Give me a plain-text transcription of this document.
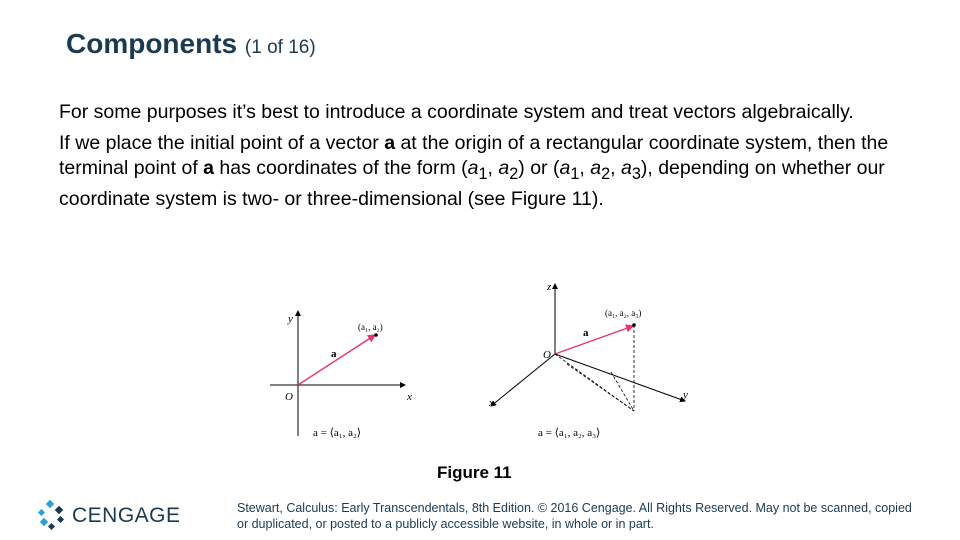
Components (1 of 16)

For some purposes it’s best to introduce a coordinate system and treat vectors algebraically.

If we place the initial point of a vector a at the origin of a rectangular coordinate system, then the terminal point of a has coordinates of the form ($a_1$, $a_2$) or ($a_1$, $a_2$, $a_3$), depending on whether our coordinate system is two- or three-dimensional (see Figure 11).

y
x
O
a
(a₁, a₂)
a = ⟨a₁, a₂⟩
z
x
y
O
a
(a₁, a₂, a₃)
a = ⟨a₁, a₂, a₃⟩
Figure 11
CENGAGE	Stewart, Calculus: Early Transcendentals, 8th Edition. © 2016 Cengage. All Rights Reserved. May not be scanned, copied or duplicated, or posted to a publicly accessible website, in whole or in part.
